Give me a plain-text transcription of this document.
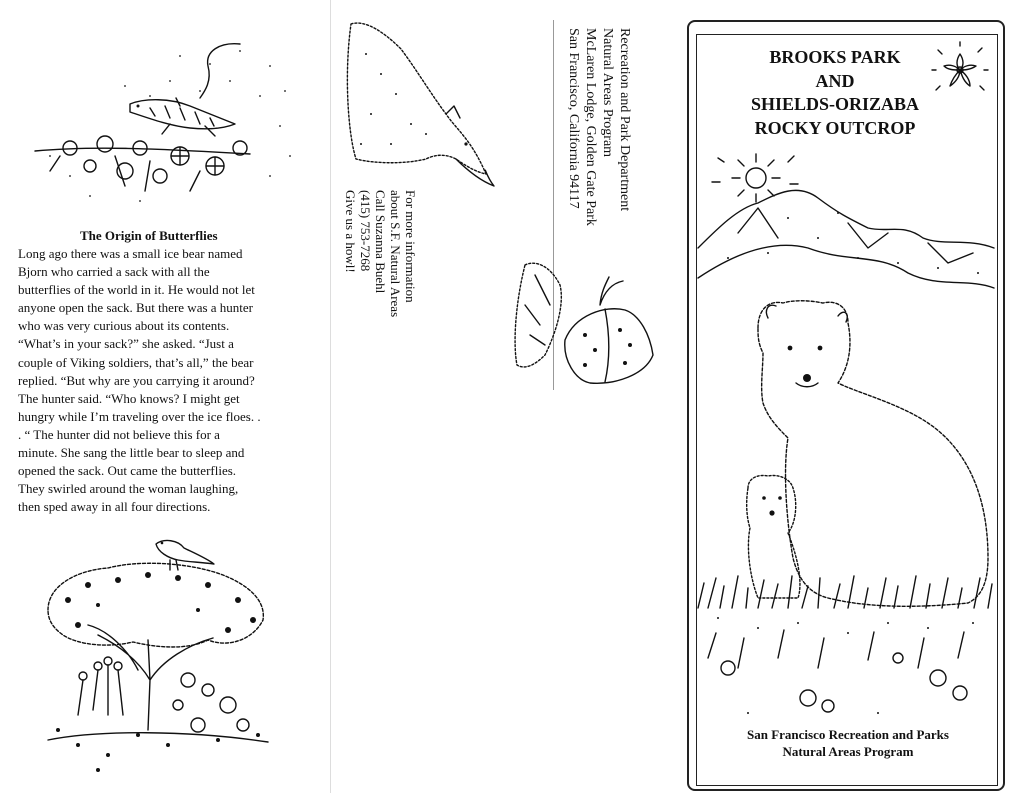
The Origin of Butterflies
Long ago there was a small ice bear named
Bjorn who carried a sack with all the
butterflies of the world in it. He would not let
anyone open the sack. But there was a hunter
who was very curious about its contents.
“What’s in your sack?” she asked. “Just a
couple of Viking soldiers, that’s all,” the bear
replied. “But why are you carrying it around?
The hunter said. “Who knows? I might get
hungry while I’m traveling over the ice floes. .
. “ The hunter did not believe this for a
minute. She sang the little bear to sleep and
opened the sack. Out came the butterflies.
They swirled around the woman laughing,
then sped away in all four directions.
For more information
about S.F. Natural Areas
Call Suzanna Buehl
(415) 753-7268
Give us a howl!
Recreation and Park Department
Natural Areas Program
McLaren Lodge, Golden Gate Park
San Francisco, California 94117	BROOKS PARK
AND
SHIELDS-ORIZABA
ROCKY OUTCROP
San Francisco Recreation and Parks
Natural Areas Program
